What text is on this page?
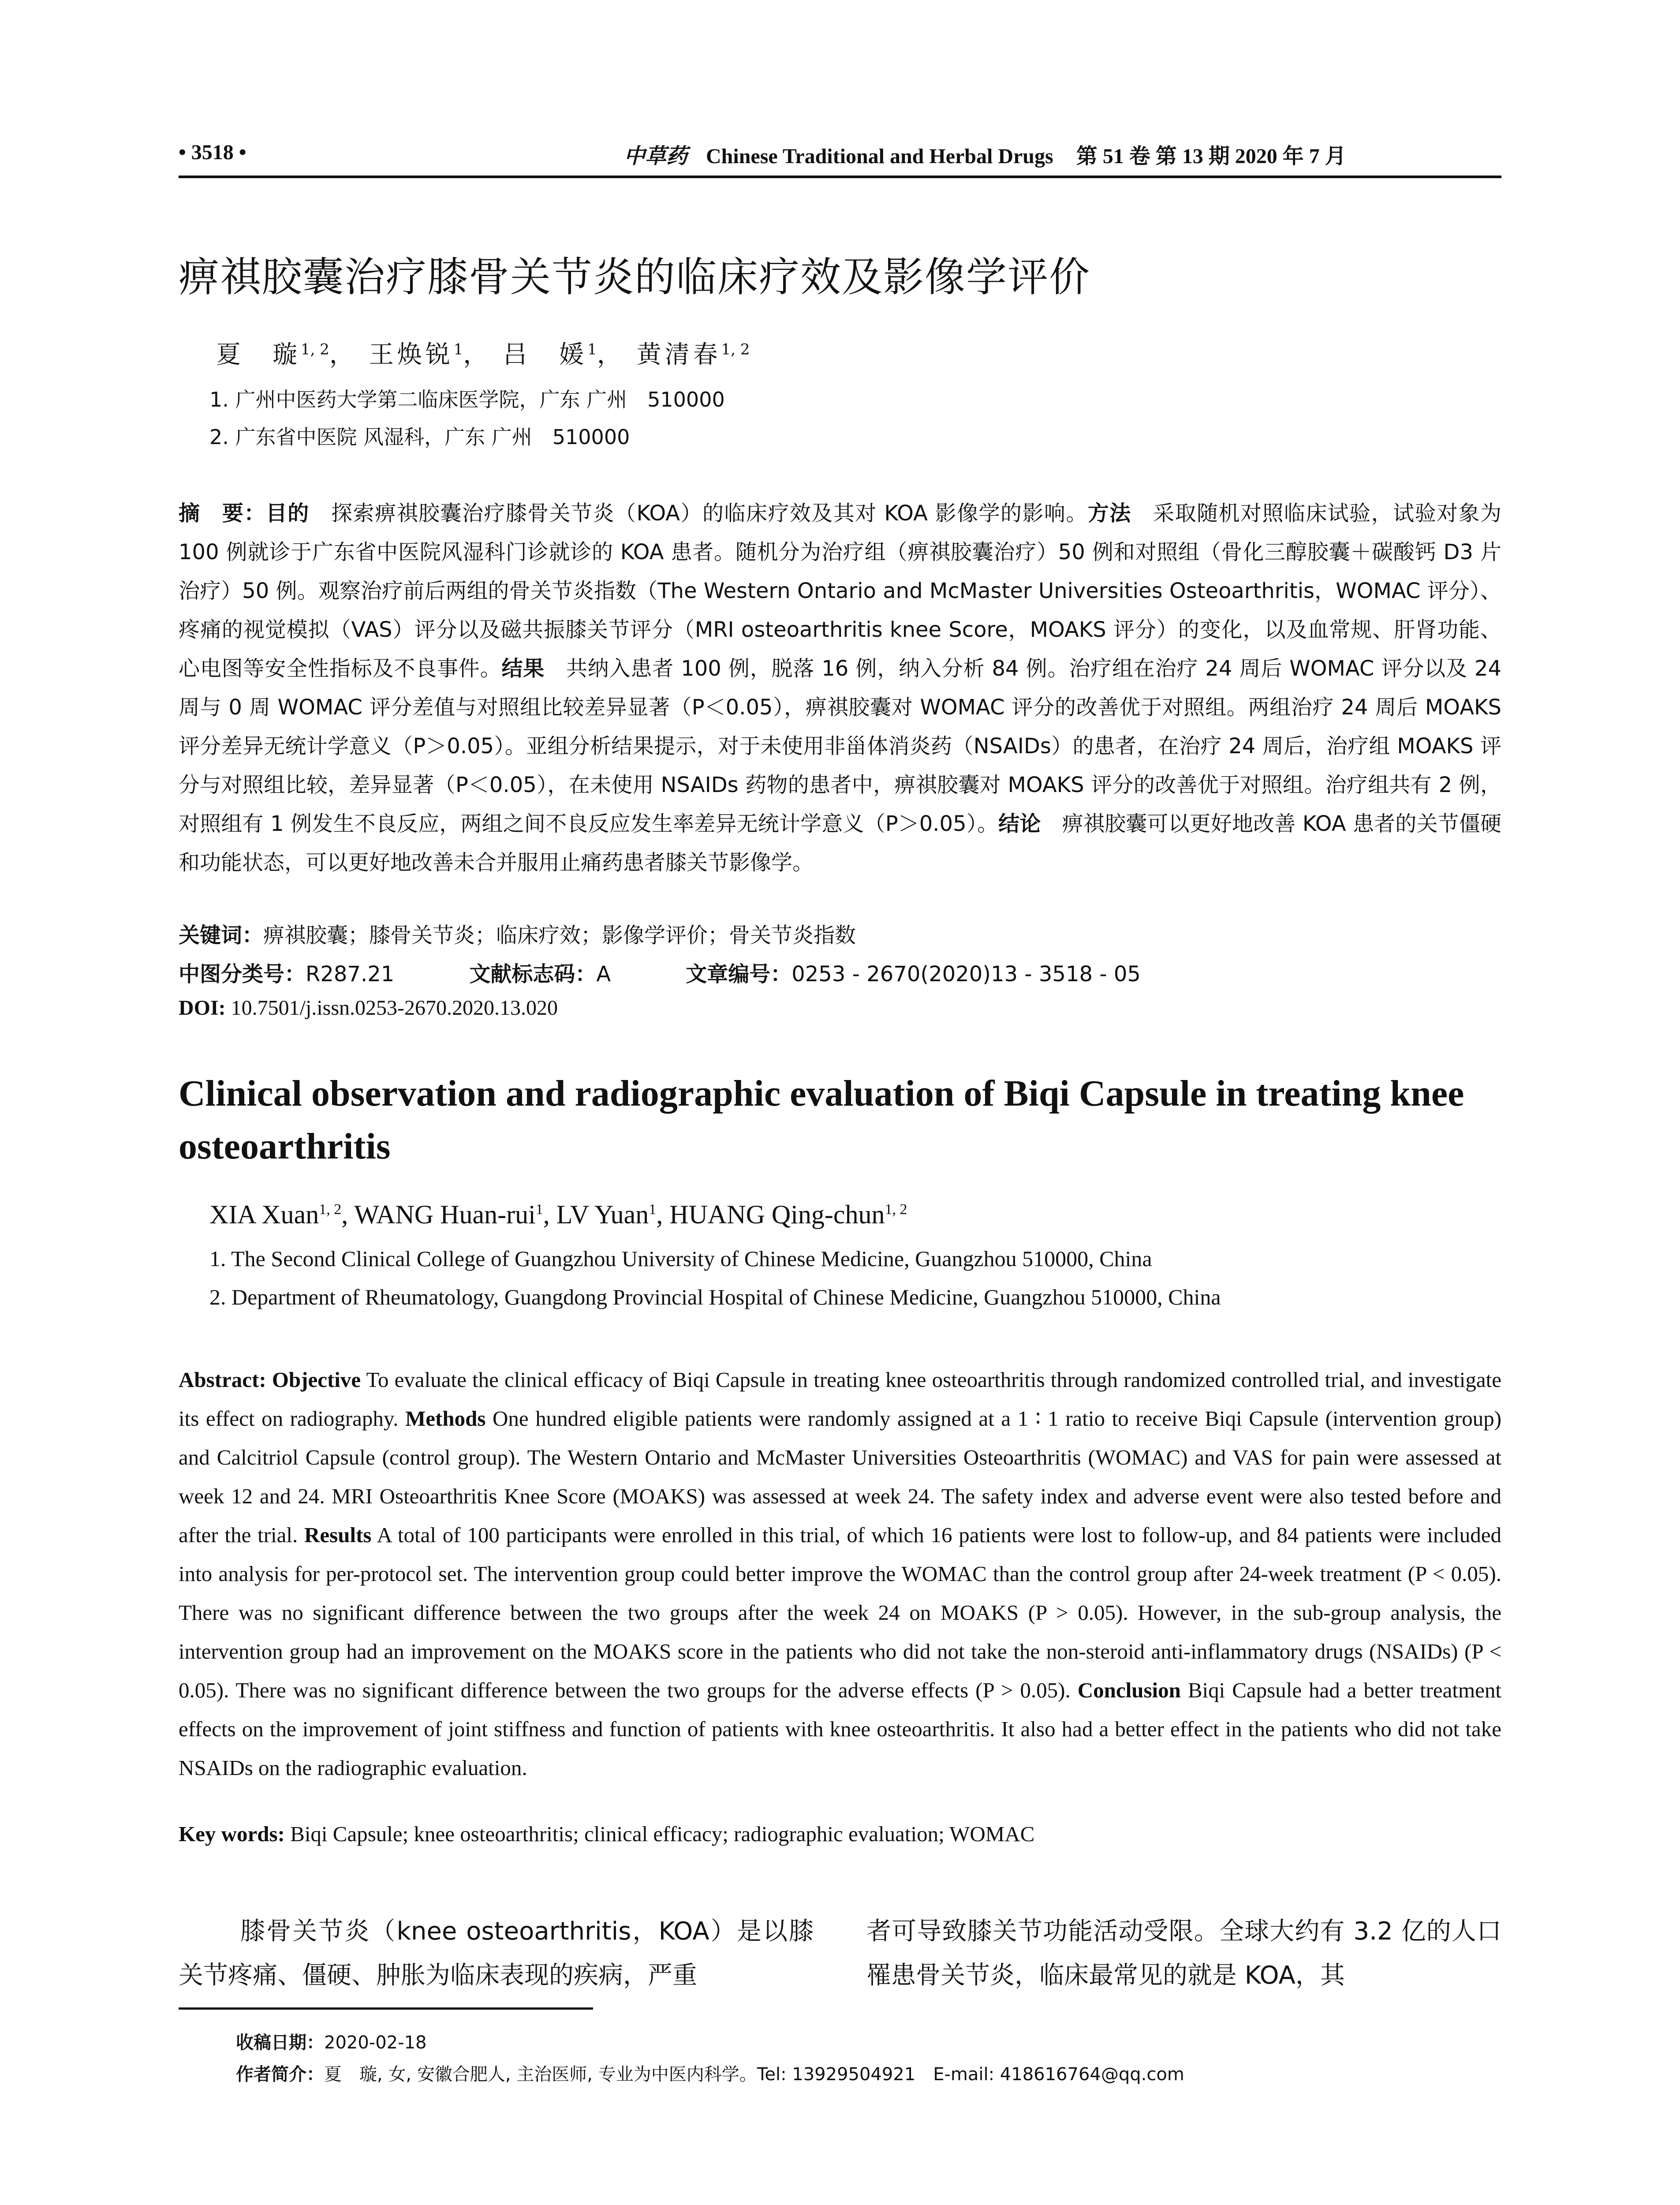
• 3518 •	中草药 Chinese Traditional and Herbal Drugs 第 51 卷 第 13 期 2020 年 7 月
痹祺胶囊治疗膝骨关节炎的临床疗效及影像学评价
夏　璇$^{1, 2}$， 王焕锐$^1$， 吕　媛$^1$， 黄清春$^{1, 2}$
1. 广州中医药大学第二临床医学院，广东 广州　510000
2. 广东省中医院 风湿科，广东 广州　510000
摘　要：目的　探索痹祺胶囊治疗膝骨关节炎（KOA）的临床疗效及其对 KOA 影像学的影响。方法　采取随机对照临床试验，试验对象为 100 例就诊于广东省中医院风湿科门诊就诊的 KOA 患者。随机分为治疗组（痹祺胶囊治疗）50 例和对照组（骨化三醇胶囊＋碳酸钙 D3 片治疗）50 例。观察治疗前后两组的骨关节炎指数（The Western Ontario and McMaster Universities Osteoarthritis，WOMAC 评分）、疼痛的视觉模拟（VAS）评分以及磁共振膝关节评分（MRI osteoarthritis knee Score，MOAKS 评分）的变化，以及血常规、肝肾功能、心电图等安全性指标及不良事件。结果　共纳入患者 100 例，脱落 16 例，纳入分析 84 例。治疗组在治疗 24 周后 WOMAC 评分以及 24 周与 0 周 WOMAC 评分差值与对照组比较差异显著（P＜0.05），痹祺胶囊对 WOMAC 评分的改善优于对照组。两组治疗 24 周后 MOAKS 评分差异无统计学意义（P＞0.05）。亚组分析结果提示，对于未使用非甾体消炎药（NSAIDs）的患者，在治疗 24 周后，治疗组 MOAKS 评分与对照组比较，差异显著（P＜0.05），在未使用 NSAIDs 药物的患者中，痹祺胶囊对 MOAKS 评分的改善优于对照组。治疗组共有 2 例，对照组有 1 例发生不良反应，两组之间不良反应发生率差异无统计学意义（P＞0.05）。结论　痹祺胶囊可以更好地改善 KOA 患者的关节僵硬和功能状态，可以更好地改善未合并服用止痛药患者膝关节影像学。
关键词：痹祺胶囊；膝骨关节炎；临床疗效；影像学评价；骨关节炎指数
中图分类号：R287.21	文献标志码：A	文章编号：0253 - 2670(2020)13 - 3518 - 05
DOI: 10.7501/j.issn.0253-2670.2020.13.020
Clinical observation and radiographic evaluation of Biqi Capsule in treating knee osteoarthritis
XIA Xuan$^{1, 2}$, WANG Huan-rui$^1$, LV Yuan$^1$, HUANG Qing-chun$^{1, 2}$
1. The Second Clinical College of Guangzhou University of Chinese Medicine, Guangzhou 510000, China
2. Department of Rheumatology, Guangdong Provincial Hospital of Chinese Medicine, Guangzhou 510000, China
Abstract: Objective To evaluate the clinical efficacy of Biqi Capsule in treating knee osteoarthritis through randomized controlled trial, and investigate its effect on radiography. Methods One hundred eligible patients were randomly assigned at a 1 ∶ 1 ratio to receive Biqi Capsule (intervention group) and Calcitriol Capsule (control group). The Western Ontario and McMaster Universities Osteoarthritis (WOMAC) and VAS for pain were assessed at week 12 and 24. MRI Osteoarthritis Knee Score (MOAKS) was assessed at week 24. The safety index and adverse event were also tested before and after the trial. Results A total of 100 participants were enrolled in this trial, of which 16 patients were lost to follow-up, and 84 patients were included into analysis for per-protocol set. The intervention group could better improve the WOMAC than the control group after 24-week treatment (P < 0.05). There was no significant difference between the two groups after the week 24 on MOAKS (P > 0.05). However, in the sub-group analysis, the intervention group had an improvement on the MOAKS score in the patients who did not take the non-steroid anti-inflammatory drugs (NSAIDs) (P < 0.05). There was no significant difference between the two groups for the adverse effects (P > 0.05). Conclusion Biqi Capsule had a better treatment effects on the improvement of joint stiffness and function of patients with knee osteoarthritis. It also had a better effect in the patients who did not take NSAIDs on the radiographic evaluation.
Key words: Biqi Capsule; knee osteoarthritis; clinical efficacy; radiographic evaluation; WOMAC
膝骨关节炎（knee osteoarthritis，KOA）是以膝关节疼痛、僵硬、肿胀为临床表现的疾病，严重
者可导致膝关节功能活动受限。全球大约有 3.2 亿的人口罹患骨关节炎，临床最常见的就是 KOA，其
收稿日期：2020-02-18
作者简介：夏　璇, 女, 安徽合肥人, 主治医师, 专业为中医内科学。Tel: 13929504921　E-mail: 418616764@qq.com
